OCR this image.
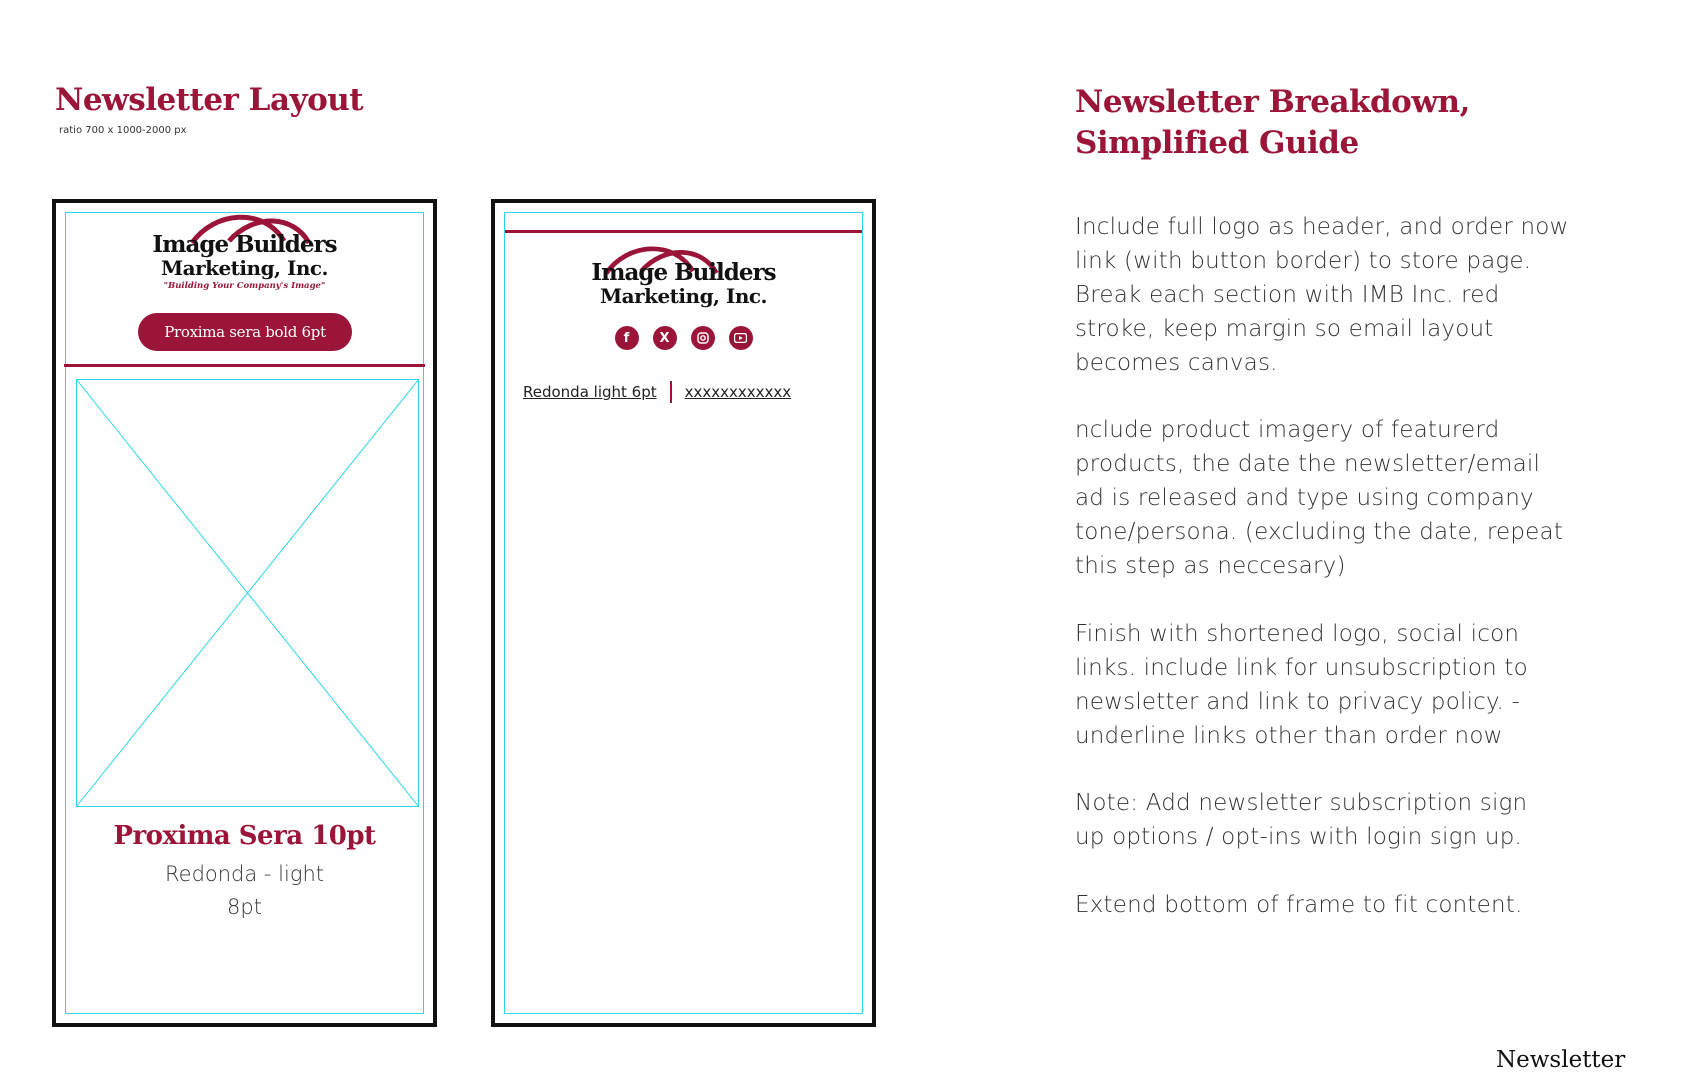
Newsletter Layout
ratio 700 x 1000-2000 px
Image Builders
Marketing, Inc.
"Building Your Company's Image"
Proxima sera bold 6pt
Proxima Sera 10pt
Redonda - light
8pt
Image Builders
Marketing, Inc.
f	X
Redonda light 6pt xxxxxxxxxxxx
Newsletter Breakdown,
Simplified Guide
Include full logo as header, and order now
link (with button border) to store page.
Break each section with IMB Inc. red
stroke, keep margin so email layout
becomes canvas.
nclude product imagery of featurerd
products, the date the newsletter/email
ad is released and type using company
tone/persona. (excluding the date, repeat
this step as neccesary)
Finish with shortened logo, social icon
links. include link for unsubscription to
newsletter and link to privacy policy. -
underline links other than order now
Note: Add newsletter subscription sign
up options / opt-ins with login sign up.
Extend bottom of frame to fit content.
Newsletter
